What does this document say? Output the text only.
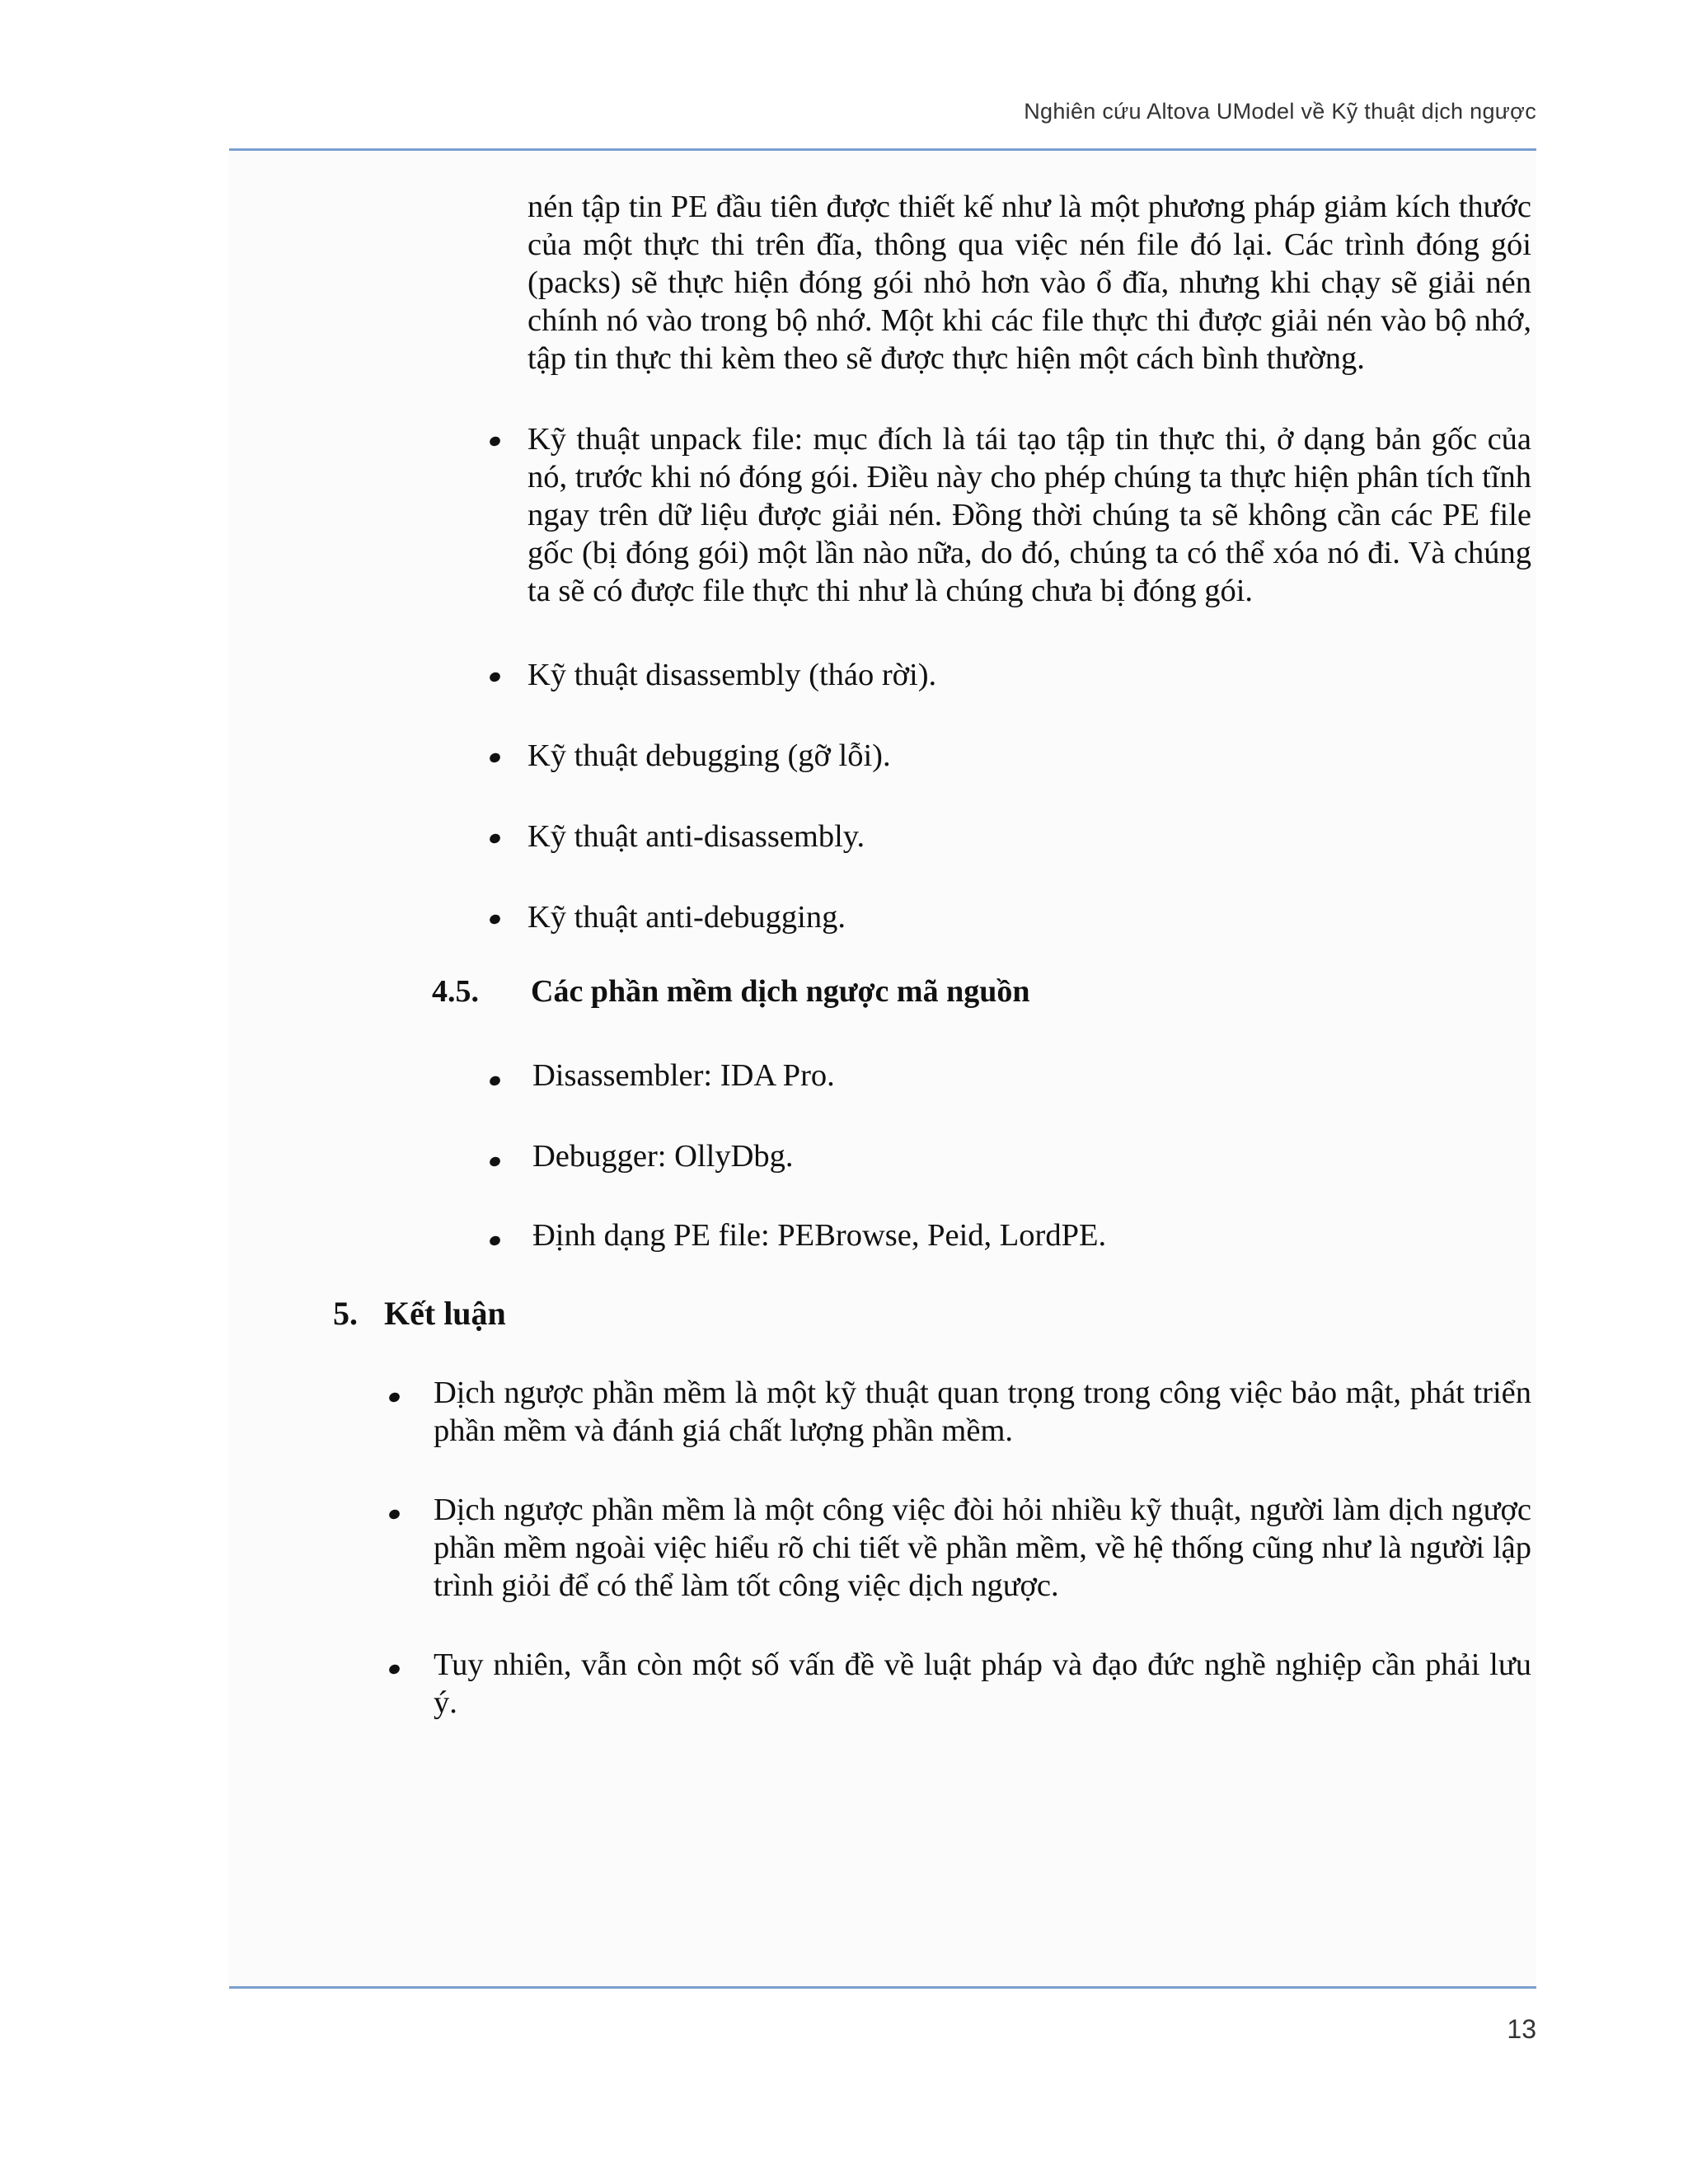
Nghiên cứu Altova UModel về Kỹ thuật dịch ngược

nén tập tin PE đầu tiên được thiết kế như là một phương pháp giảm kích thước của một thực thi trên đĩa, thông qua việc nén file đó lại. Các trình đóng gói (packs) sẽ thực hiện đóng gói nhỏ hơn vào ổ đĩa, nhưng khi chạy sẽ giải nén chính nó vào trong bộ nhớ. Một khi các file thực thi được giải nén vào bộ nhớ, tập tin thực thi kèm theo sẽ được thực hiện một cách bình thường.

Kỹ thuật unpack file: mục đích là tái tạo tập tin thực thi, ở dạng bản gốc của nó, trước khi nó đóng gói. Điều này cho phép chúng ta thực hiện phân tích tĩnh ngay trên dữ liệu được giải nén. Đồng thời chúng ta sẽ không cần các PE file gốc (bị đóng gói) một lần nào nữa, do đó, chúng ta có thể xóa nó đi. Và chúng ta sẽ có được file thực thi như là chúng chưa bị đóng gói.

Kỹ thuật disassembly (tháo rời).

Kỹ thuật debugging (gỡ lỗi).

Kỹ thuật anti-disassembly.

Kỹ thuật anti-debugging.

4.5. Các phần mềm dịch ngược mã nguồn

Disassembler: IDA Pro.

Debugger: OllyDbg.

Định dạng PE file: PEBrowse, Peid, LordPE.

5. Kết luận

Dịch ngược phần mềm là một kỹ thuật quan trọng trong công việc bảo mật, phát triển phần mềm và đánh giá chất lượng phần mềm.

Dịch ngược phần mềm là một công việc đòi hỏi nhiều kỹ thuật, người làm dịch ngược phần mềm ngoài việc hiểu rõ chi tiết về phần mềm, về hệ thống cũng như là người lập trình giỏi để có thể làm tốt công việc dịch ngược.

Tuy nhiên, vẫn còn một số vấn đề về luật pháp và đạo đức nghề nghiệp cần phải lưu ý.

13
